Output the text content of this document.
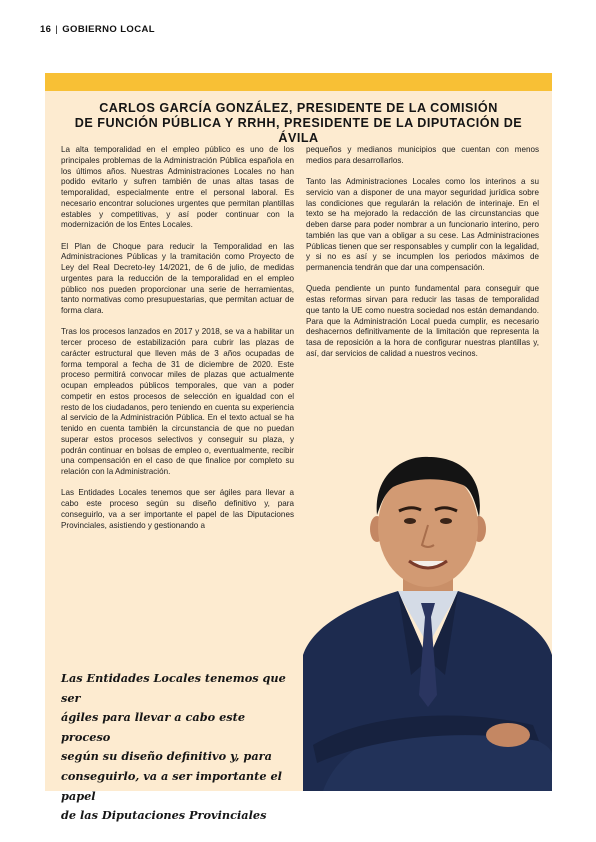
16 | GOBIERNO LOCAL
CARLOS GARCÍA GONZÁLEZ, PRESIDENTE DE LA COMISIÓN
DE FUNCIÓN PÚBLICA Y RRHH, PRESIDENTE DE LA DIPUTACIÓN DE ÁVILA

La alta temporalidad en el empleo público es uno de los principales problemas de la Administración Pública española en los últimos años. Nuestras Administraciones Locales no han podido evitarlo y sufren también de unas altas tasas de temporalidad, especialmente entre el personal laboral. Es necesario encontrar soluciones urgentes que permitan plantillas estables y competitivas, y así poder continuar con la modernización de los Entes Locales.

El Plan de Choque para reducir la Temporalidad en las Administraciones Públicas y la tramitación como Proyecto de Ley del Real Decreto-ley 14/2021, de 6 de julio, de medidas urgentes para la reducción de la temporalidad en el empleo público nos pueden proporcionar una serie de herramientas, tanto normativas como presupuestarias, que permitan actuar de forma clara.

Tras los procesos lanzados en 2017 y 2018, se va a habilitar un tercer proceso de estabilización para cubrir las plazas de carácter estructural que lleven más de 3 años ocupadas de forma temporal a fecha de 31 de diciembre de 2020. Este proceso permitirá convocar miles de plazas que actualmente ocupan empleados públicos temporales, que van a poder competir en estos procesos de selección en igualdad con el resto de los ciudadanos, pero teniendo en cuenta su experiencia al servicio de la Administración Pública. En el texto actual se ha tenido en cuenta también la circunstancia de que no puedan superar estos procesos selectivos y conseguir su plaza, y podrán continuar en bolsas de empleo o, eventualmente, recibir una compensación en el caso de que finalice por completo su relación con la Administración.

Las Entidades Locales tenemos que ser ágiles para llevar a cabo este proceso según su diseño definitivo y, para conseguirlo, va a ser importante el papel de las Diputaciones Provinciales, asistiendo y gestionando a

pequeños y medianos municipios que cuentan con menos medios para desarrollarlos.

Tanto las Administraciones Locales como los interinos a su servicio van a disponer de una mayor seguridad jurídica sobre las condiciones que regularán la relación de interinaje. En el texto se ha mejorado la redacción de las circunstancias que deben darse para poder nombrar a un funcionario interino, pero también las que van a obligar a su cese. Las Administraciones Públicas tienen que ser responsables y cumplir con la legalidad, y si no es así y se incumplen los periodos máximos de permanencia tendrán que dar una compensación.

Queda pendiente un punto fundamental para conseguir que estas reformas sirvan para reducir las tasas de temporalidad que tanto la UE como nuestra sociedad nos están demandando. Para que la Administración Local pueda cumplir, es necesario deshacernos definitivamente de la limitación que representa la tasa de reposición a la hora de configurar nuestras plantillas y, así, dar servicios de calidad a nuestros vecinos.

Las Entidades Locales tenemos que ser
ágiles para llevar a cabo este proceso
según su diseño definitivo y, para
conseguirlo, va a ser importante el papel
de las Diputaciones Provinciales
